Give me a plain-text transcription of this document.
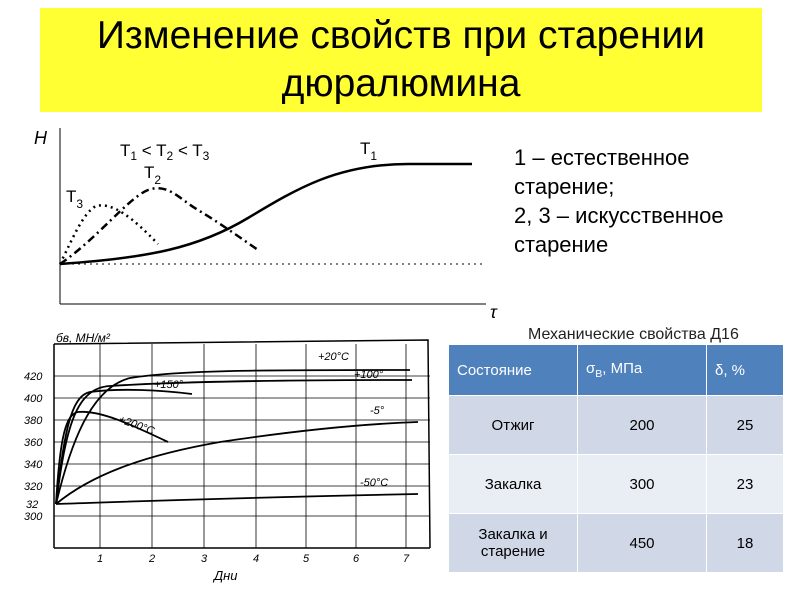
Изменение свойств при старении
дюралюмина
H
τ
$T_1 < T_2 < T_3$	$T_1$
$T_2$
$T_3$
1 – естественное
старение;
2, 3 – искусственное
старение
420
400
380
360
340
320
300
бв, МН/м²
1	2	3	4	5	6	7
Дни
+20°C
+100°
+150°
+200°C
-5°
-50°C
32
Механические свойства Д16
Состояние	$\sigma_B$, МПа	δ, %
Отжиг	200	25
Закалка	300	23

Закалка и
старение	450	18
